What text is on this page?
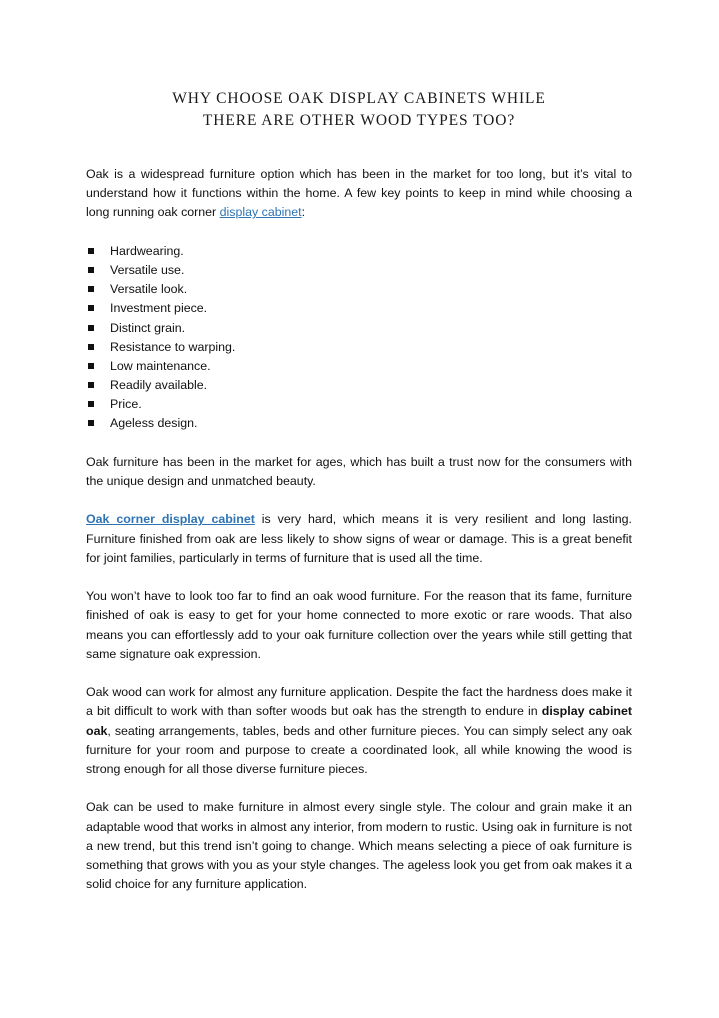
WHY CHOOSE OAK DISPLAY CABINETS WHILE
THERE ARE OTHER WOOD TYPES TOO?

Oak is a widespread furniture option which has been in the market for too long, but it’s vital to understand how it functions within the home. A few key points to keep in mind while choosing a long running oak corner display cabinet:

Hardwearing.
Versatile use.
Versatile look.
Investment piece.
Distinct grain.
Resistance to warping.
Low maintenance.
Readily available.
Price.
Ageless design.

Oak furniture has been in the market for ages, which has built a trust now for the consumers with the unique design and unmatched beauty.

Oak corner display cabinet is very hard, which means it is very resilient and long lasting. Furniture finished from oak are less likely to show signs of wear or damage. This is a great benefit for joint families, particularly in terms of furniture that is used all the time.

You won’t have to look too far to find an oak wood furniture. For the reason that its fame, furniture finished of oak is easy to get for your home connected to more exotic or rare woods. That also means you can effortlessly add to your oak furniture collection over the years while still getting that same signature oak expression.

Oak wood can work for almost any furniture application. Despite the fact the hardness does make it a bit difficult to work with than softer woods but oak has the strength to endure in display cabinet oak, seating arrangements, tables, beds and other furniture pieces. You can simply select any oak furniture for your room and purpose to create a coordinated look, all while knowing the wood is strong enough for all those diverse furniture pieces.

Oak can be used to make furniture in almost every single style. The colour and grain make it an adaptable wood that works in almost any interior, from modern to rustic. Using oak in furniture is not a new trend, but this trend isn’t going to change. Which means selecting a piece of oak furniture is something that grows with you as your style changes. The ageless look you get from oak makes it a solid choice for any furniture application.
